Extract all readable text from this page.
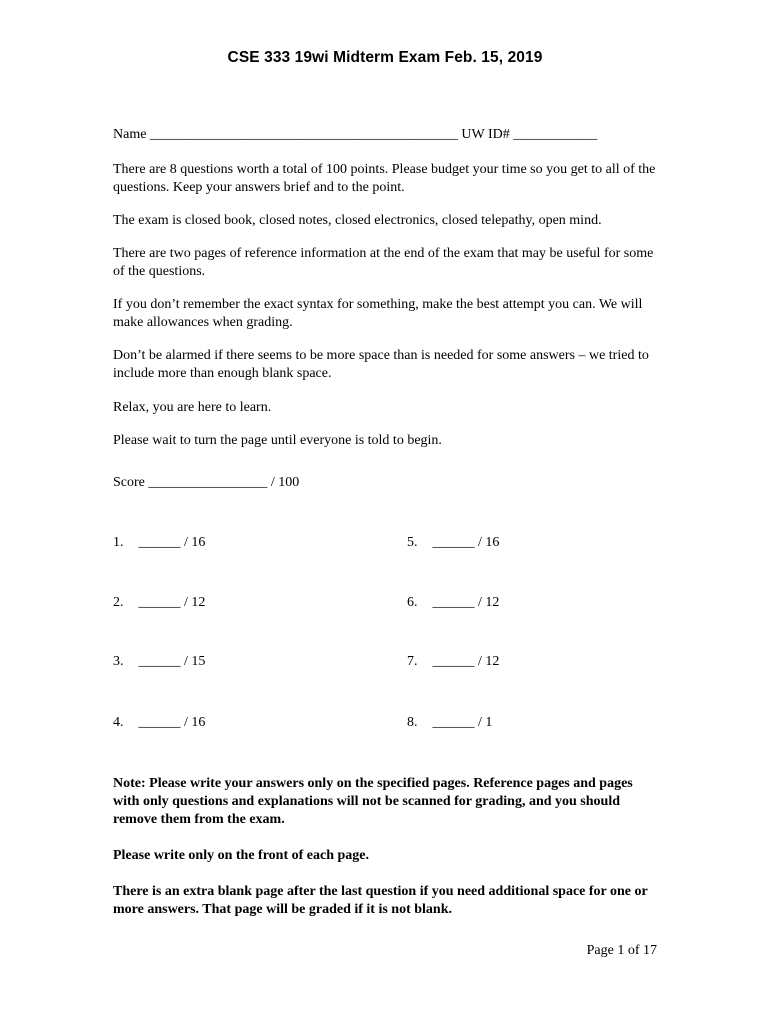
CSE 333 19wi Midterm Exam Feb. 15, 2019
Name ____________________________________________ UW ID# ____________
There are 8 questions worth a total of 100 points. Please budget your time so you get to all of the questions. Keep your answers brief and to the point.
The exam is closed book, closed notes, closed electronics, closed telepathy, open mind.
There are two pages of reference information at the end of the exam that may be useful for some of the questions.
If you don’t remember the exact syntax for something, make the best attempt you can. We will make allowances when grading.
Don’t be alarmed if there seems to be more space than is needed for some answers – we tried to include more than enough blank space.
Relax, you are here to learn.
Please wait to turn the page until everyone is told to begin.
Score _________________ / 100
1. ______ / 16
2. ______ / 12
3. ______ / 15
4. ______ / 16
5. ______ / 16
6. ______ / 12
7. ______ / 12
8. ______ / 1
Note: Please write your answers only on the specified pages. Reference pages and pages with only questions and explanations will not be scanned for grading, and you should remove them from the exam.
Please write only on the front of each page.
There is an extra blank page after the last question if you need additional space for one or more answers. That page will be graded if it is not blank.
Page 1 of 17
